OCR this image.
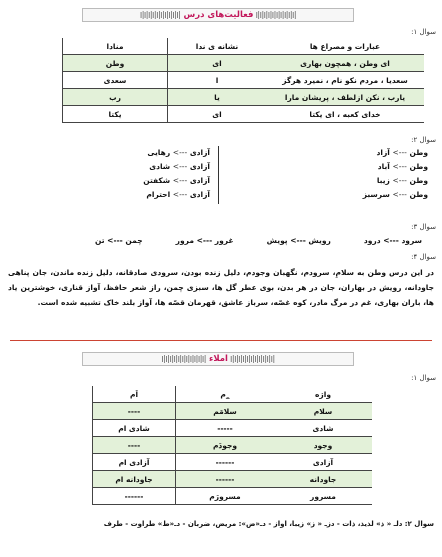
|׀|׀|׀|׀|׀|׀|׀|׀|׀|׀ فعالیت‌های درس |׀|׀|׀|׀|׀|׀|׀|׀|׀|׀
سوال ۱:
عبارات و مصراع ها	نشانه ی ندا	منادا
ای وطن ، همچون بهاری	ای	وطن
سعدیا ، مردم نکو نام ، نمیرد هرگز	ا	سعدی
یارب ، نکن ازلطف ، پریشان مارا	یا	رب
خدای کعبه ، ای یکتا	ای	یکتا
سوال ۲:
وطن ---> آزاد
وطن ---> آباد
وطن ---> زیبا
وطن ---> سرسبز
آزادی ---> رهایی
آزادی ---> شادی
آزادی ---> شکفتن
آزادی ---> احترام
سوال ۳:
سرود ---> درود
رویش ---> پویش
غرور ---> مرور
چمن ---> تن
سوال ۴:
در این درس وطن به سلامِ، سرودم، نگهبان وجودم، دلیل زنده بودن، سرودی صادقانه، دلیل زنده ماندن، جان پناهی جاودانه، رویش در بهاران، جان در هر بدن، بوی عطر گل ها، سبزی چمن، راز شعر حافظ، آواز قناری، خوشترین یاد ها، باران بهاری، غم در مرگ مادر، کوه غصّه، سرباز عاشق، قهرمان قصّه ها، آواز بلند خاک تشبیه شده است.
|׀|׀|׀|׀|׀|׀|׀|׀|׀|׀|׀ املاء |׀|׀|׀|׀|׀|׀|׀|׀|׀|׀|׀
سوال ۱:
واژه	_ِم	اَم
سلام	سلامَم	----
شادی	-----	شادی ام
وجود	وجودَم	----
آزادی	------	آزادی ام
جاودانه	------	جاودانه ام
مسرور	مسرورَم	------
سوال ۲: دلـ « ذ» لذیذ، ذات - دزـ « ز» زیبا، آواز - دـ«ض»: مریض، ضربان - دـ«ط» طراوت - طرف
